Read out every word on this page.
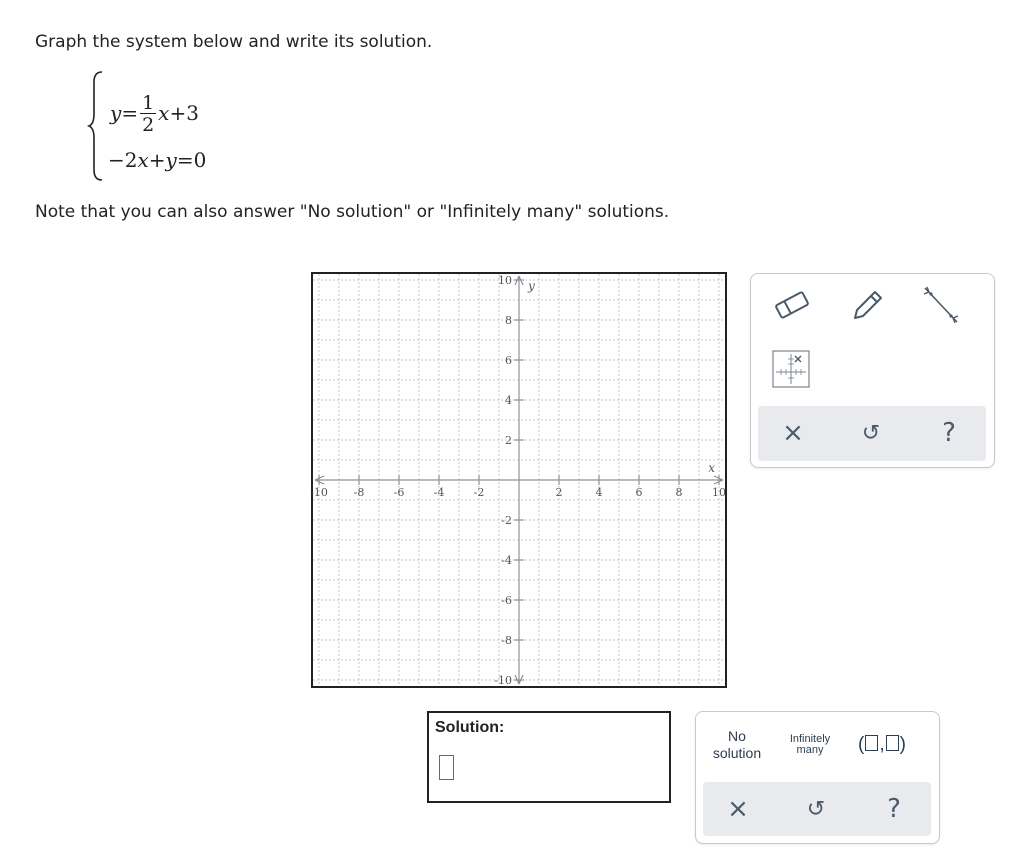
Graph the system below and write its solution.
$y= \frac{1}{2} x+3$
−2x+y=0
Note that you can also answer "No solution" or "Infinitely many" solutions.
-10 -8	-6	-4	-2	2	4	6	8	10
10
8
6
4
2
-2
-4
-6
-8
-10
x
y
×	↺ ?
Solution:	No
solution
Infinitely
many	( , )
×	↺ ?
